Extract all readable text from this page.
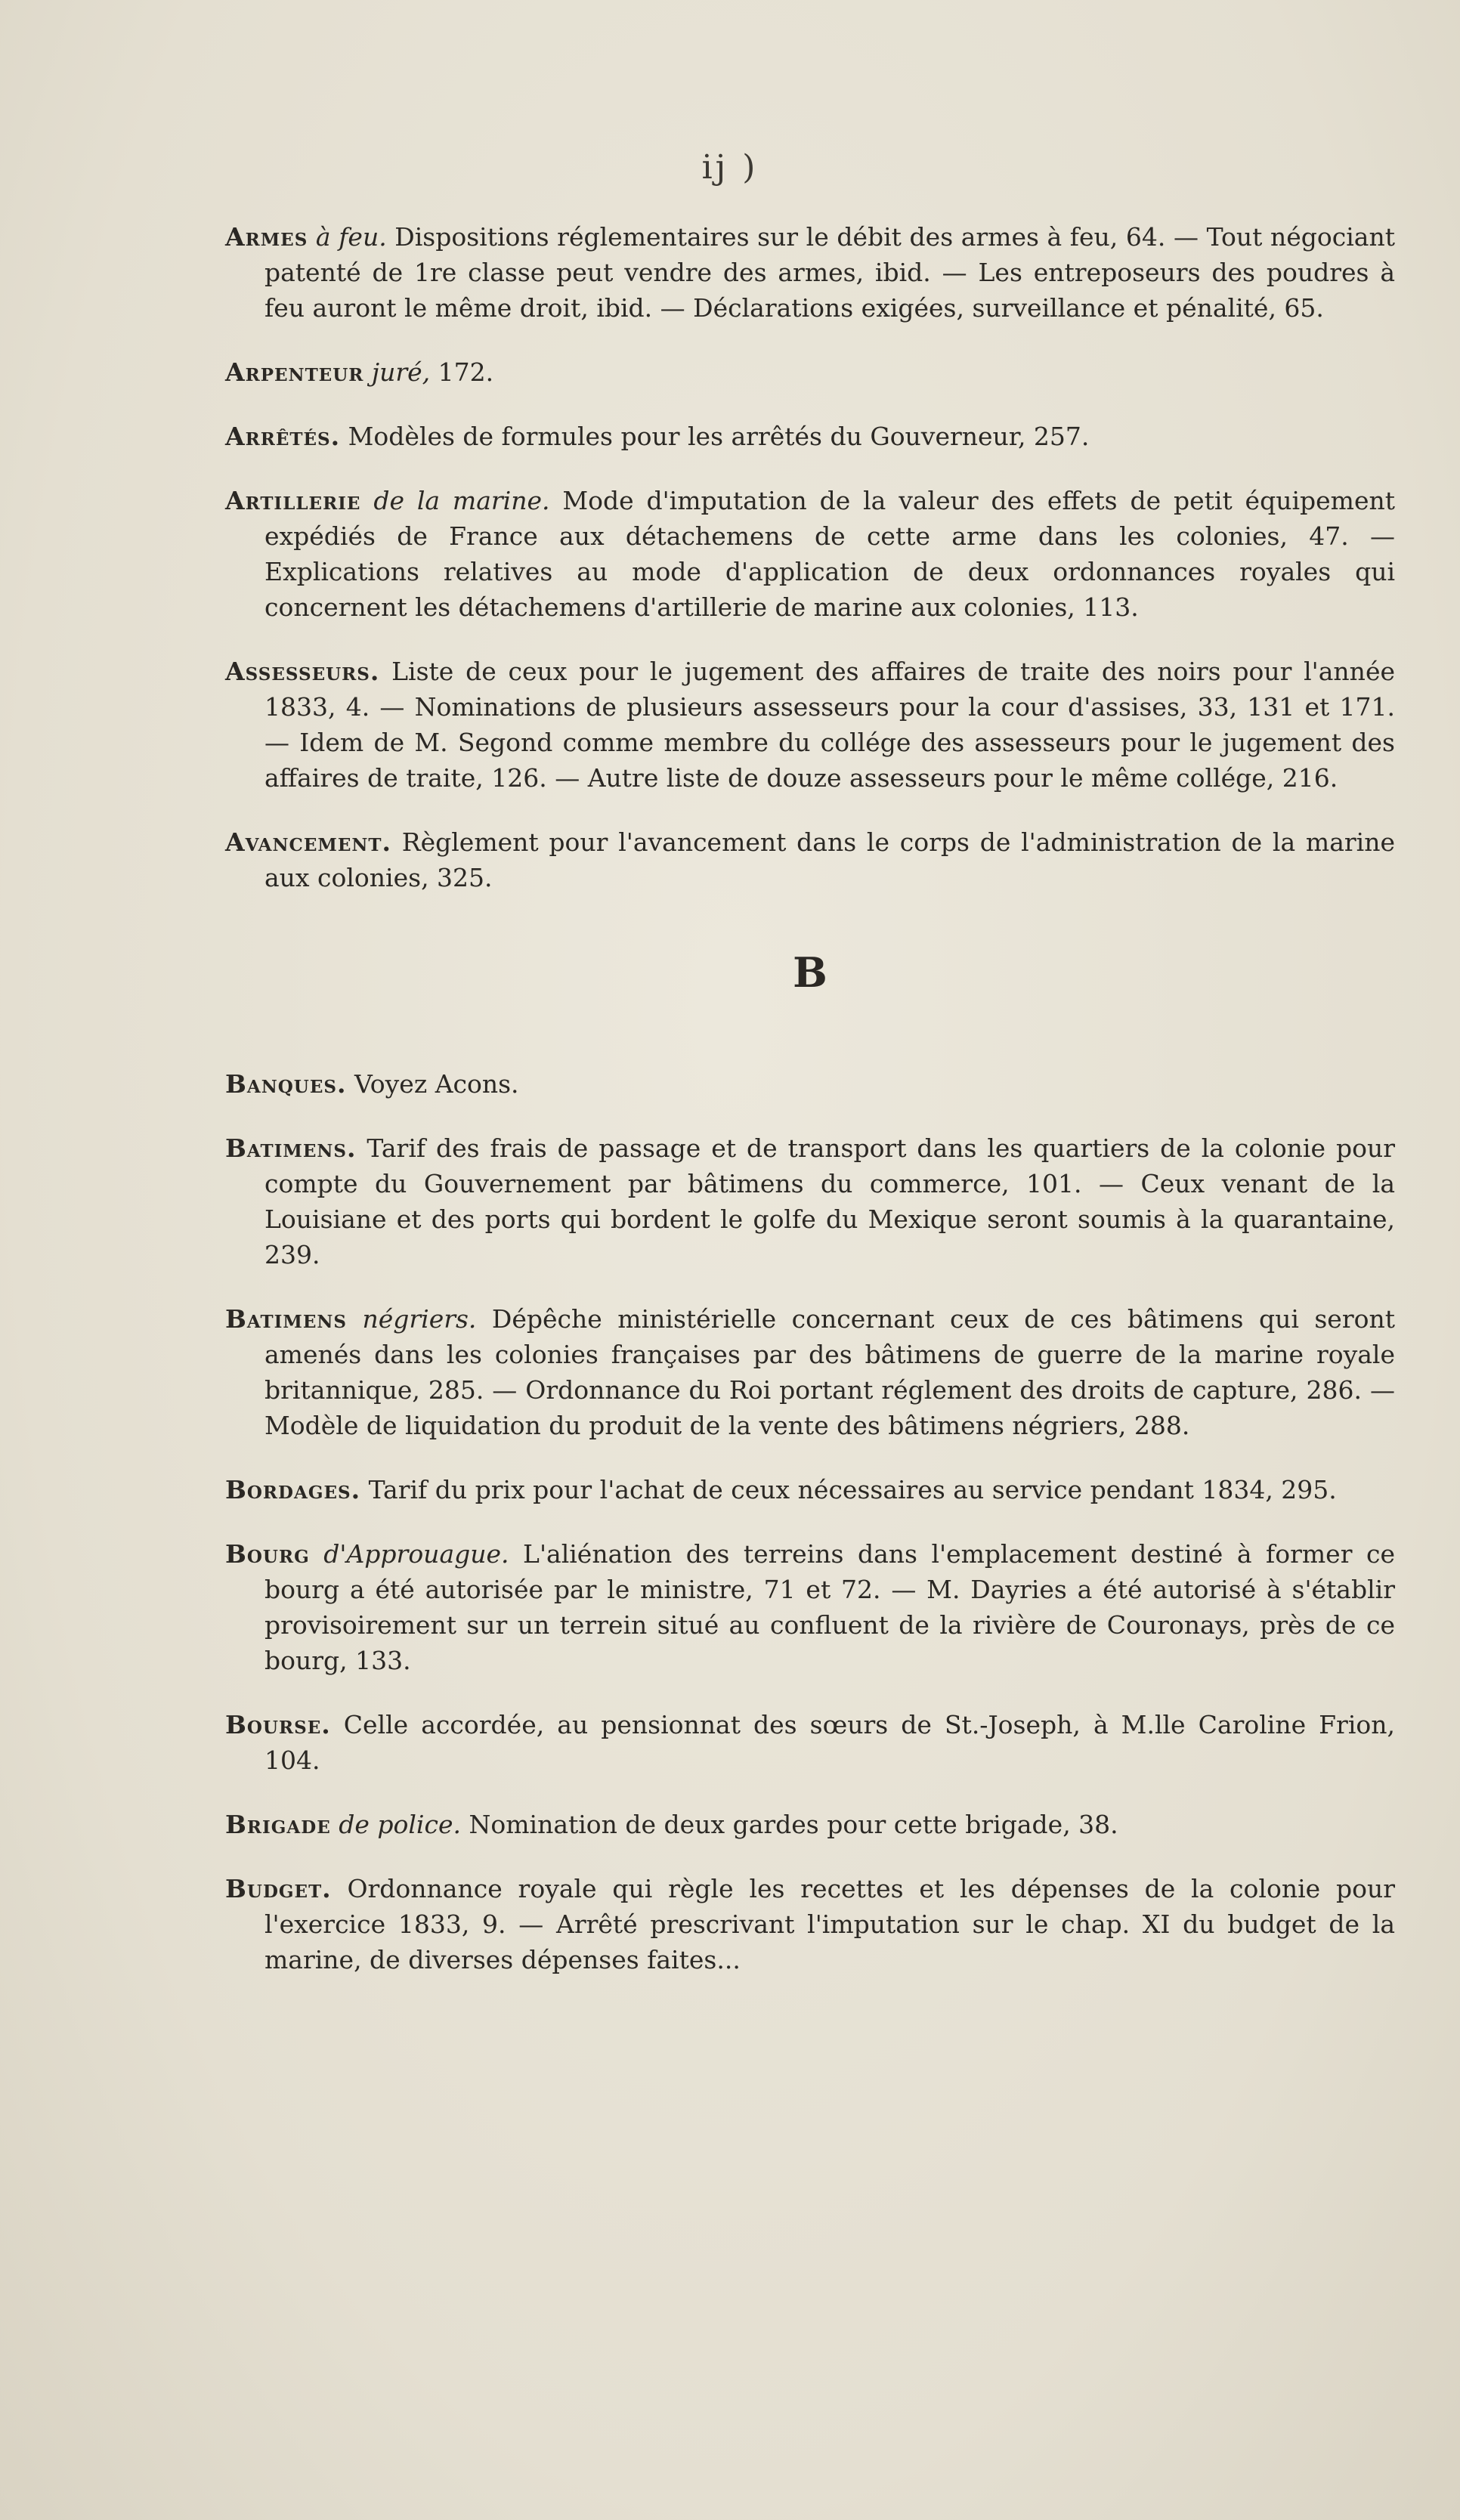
ij )

Armes à feu. Dispositions réglementaires sur le débit des armes à feu, 64. — Tout négociant patenté de 1re classe peut vendre des armes, ibid. — Les entreposeurs des poudres à feu auront le même droit, ibid. — Déclarations exigées, surveillance et pénalité, 65.

Arpenteur juré, 172.

Arrêtés. Modèles de formules pour les arrêtés du Gouverneur, 257.

Artillerie de la marine. Mode d'imputation de la valeur des effets de petit équipement expédiés de France aux détachemens de cette arme dans les colonies, 47. — Explications relatives au mode d'application de deux ordonnances royales qui concernent les détachemens d'artillerie de marine aux colonies, 113.

Assesseurs. Liste de ceux pour le jugement des affaires de traite des noirs pour l'année 1833, 4. — Nominations de plusieurs assesseurs pour la cour d'assises, 33, 131 et 171. — Idem de M. Segond comme membre du collége des assesseurs pour le jugement des affaires de traite, 126. — Autre liste de douze assesseurs pour le même collége, 216.

Avancement. Règlement pour l'avancement dans le corps de l'administration de la marine aux colonies, 325.

B

Banques. Voyez Acons.

Batimens. Tarif des frais de passage et de transport dans les quartiers de la colonie pour compte du Gouvernement par bâtimens du commerce, 101. — Ceux venant de la Louisiane et des ports qui bordent le golfe du Mexique seront soumis à la quarantaine, 239.

Batimens négriers. Dépêche ministérielle concernant ceux de ces bâtimens qui seront amenés dans les colonies françaises par des bâtimens de guerre de la marine royale britannique, 285. — Ordonnance du Roi portant réglement des droits de capture, 286. — Modèle de liquidation du produit de la vente des bâtimens négriers, 288.

Bordages. Tarif du prix pour l'achat de ceux nécessaires au service pendant 1834, 295.

Bourg d'Approuague. L'aliénation des terreins dans l'emplacement destiné à former ce bourg a été autorisée par le ministre, 71 et 72. — M. Dayries a été autorisé à s'établir provisoirement sur un terrein situé au confluent de la rivière de Couronays, près de ce bourg, 133.

Bourse. Celle accordée, au pensionnat des sœurs de St.-Joseph, à M.lle Caroline Frion, 104.

Brigade de police. Nomination de deux gardes pour cette brigade, 38.

Budget. Ordonnance royale qui règle les recettes et les dépenses de la colonie pour l'exercice 1833, 9. — Arrêté prescrivant l'imputation sur le chap. XI du budget de la marine, de diverses dépenses faites...
